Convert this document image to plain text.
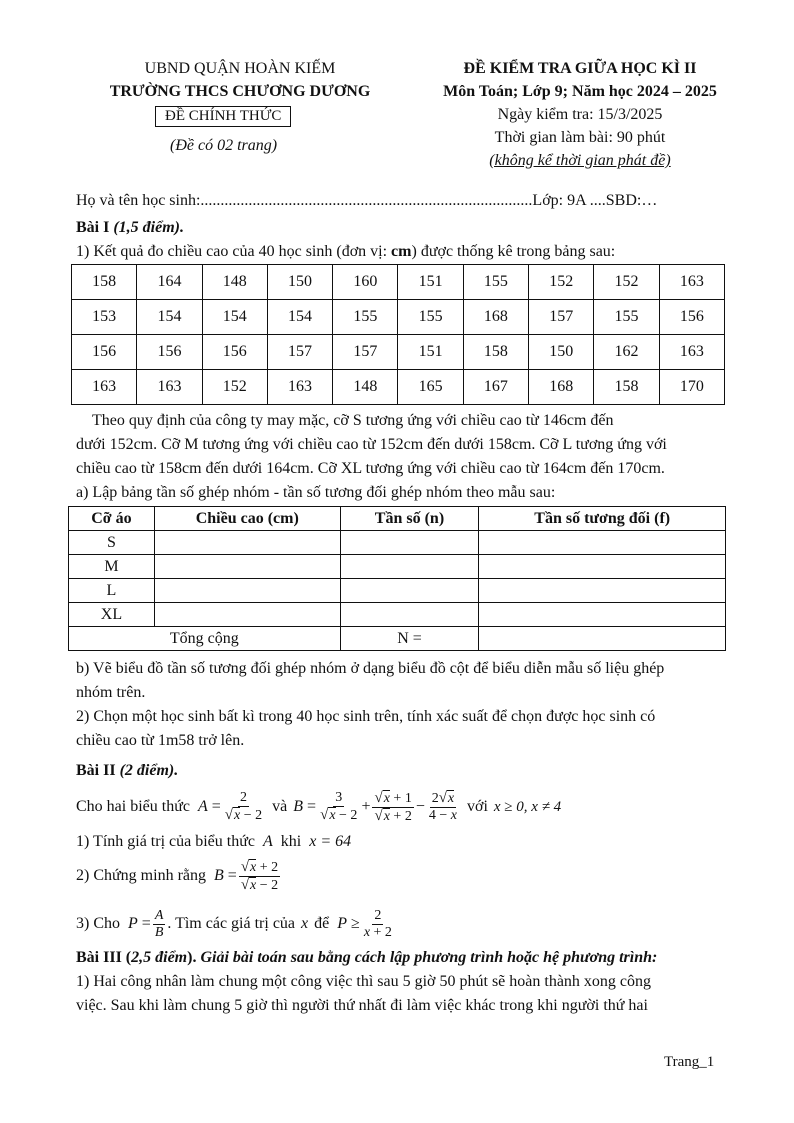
UBND QUẬN HOÀN KIẾM
TRƯỜNG THCS CHƯƠNG DƯƠNG
ĐỀ CHÍNH THỨC
(Đề có 02 trang)
ĐỀ KIỂM TRA GIỮA HỌC KÌ II
Môn Toán; Lớp 9; Năm học 2024 – 2025
Ngày kiểm tra: 15/3/2025
Thời gian làm bài: 90 phút
(không kể thời gian phát đề)
Họ và tên học sinh:...................................................................................Lớp: 9A ....SBD:…
Bài I (1,5 điểm).
1) Kết quả đo chiều cao của 40 học sinh (đơn vị: cm) được thống kê trong bảng sau:
158	164	148	150	160	151	155	152	152	163
153	154	154	154	155	155	168	157	155	156
156	156	156	157	157	151	158	150	162	163
163	163	152	163	148	165	167	168	158	170
Theo quy định của công ty may mặc, cỡ S tương ứng với chiều cao từ 146cm đến
dưới 152cm. Cỡ M tương ứng với chiều cao từ 152cm đến dưới 158cm. Cỡ L tương ứng với
chiều cao từ 158cm đến dưới 164cm. Cỡ XL tương ứng với chiều cao từ 164cm đến 170cm.
a) Lập bảng tần số ghép nhóm - tần số tương đối ghép nhóm theo mẫu sau:
Cỡ áo	Chiều cao (cm)	Tần số (n)	Tần số tương đối (f)
S			
M			
L			
XL			
Tổng cộng		N =	
b) Vẽ biểu đồ tần số tương đối ghép nhóm ở dạng biểu đồ cột để biểu diễn mẫu số liệu ghép
nhóm trên.
2) Chọn một học sinh bất kì trong 40 học sinh trên, tính xác suất để chọn được học sinh có
chiều cao từ 1m58 trở lên.
Bài II (2 điểm).
Cho hai biểu thức $A = \frac{2}{√x - 2}$ và $B = \frac{3}{√x - 2} + \frac{√x + 1}{√x + 2} - \frac{2√x}{4 - x}$ với x ≥ 0, x ≠ 4
1) Tính giá trị của biểu thức A khi x = 64
2) Chứng minh rằng $B = \frac{√x + 2}{√x - 2}$
3) Cho $P = \frac{A}{B}$ . Tìm các giá trị của x để $P \ge \frac{2}{x + 2}$
Bài III (2,5 điểm). Giải bài toán sau bằng cách lập phương trình hoặc hệ phương trình:
1) Hai công nhân làm chung một công việc thì sau 5 giờ 50 phút sẽ hoàn thành xong công
việc. Sau khi làm chung 5 giờ thì người thứ nhất đi làm việc khác trong khi người thứ hai
Trang_1
